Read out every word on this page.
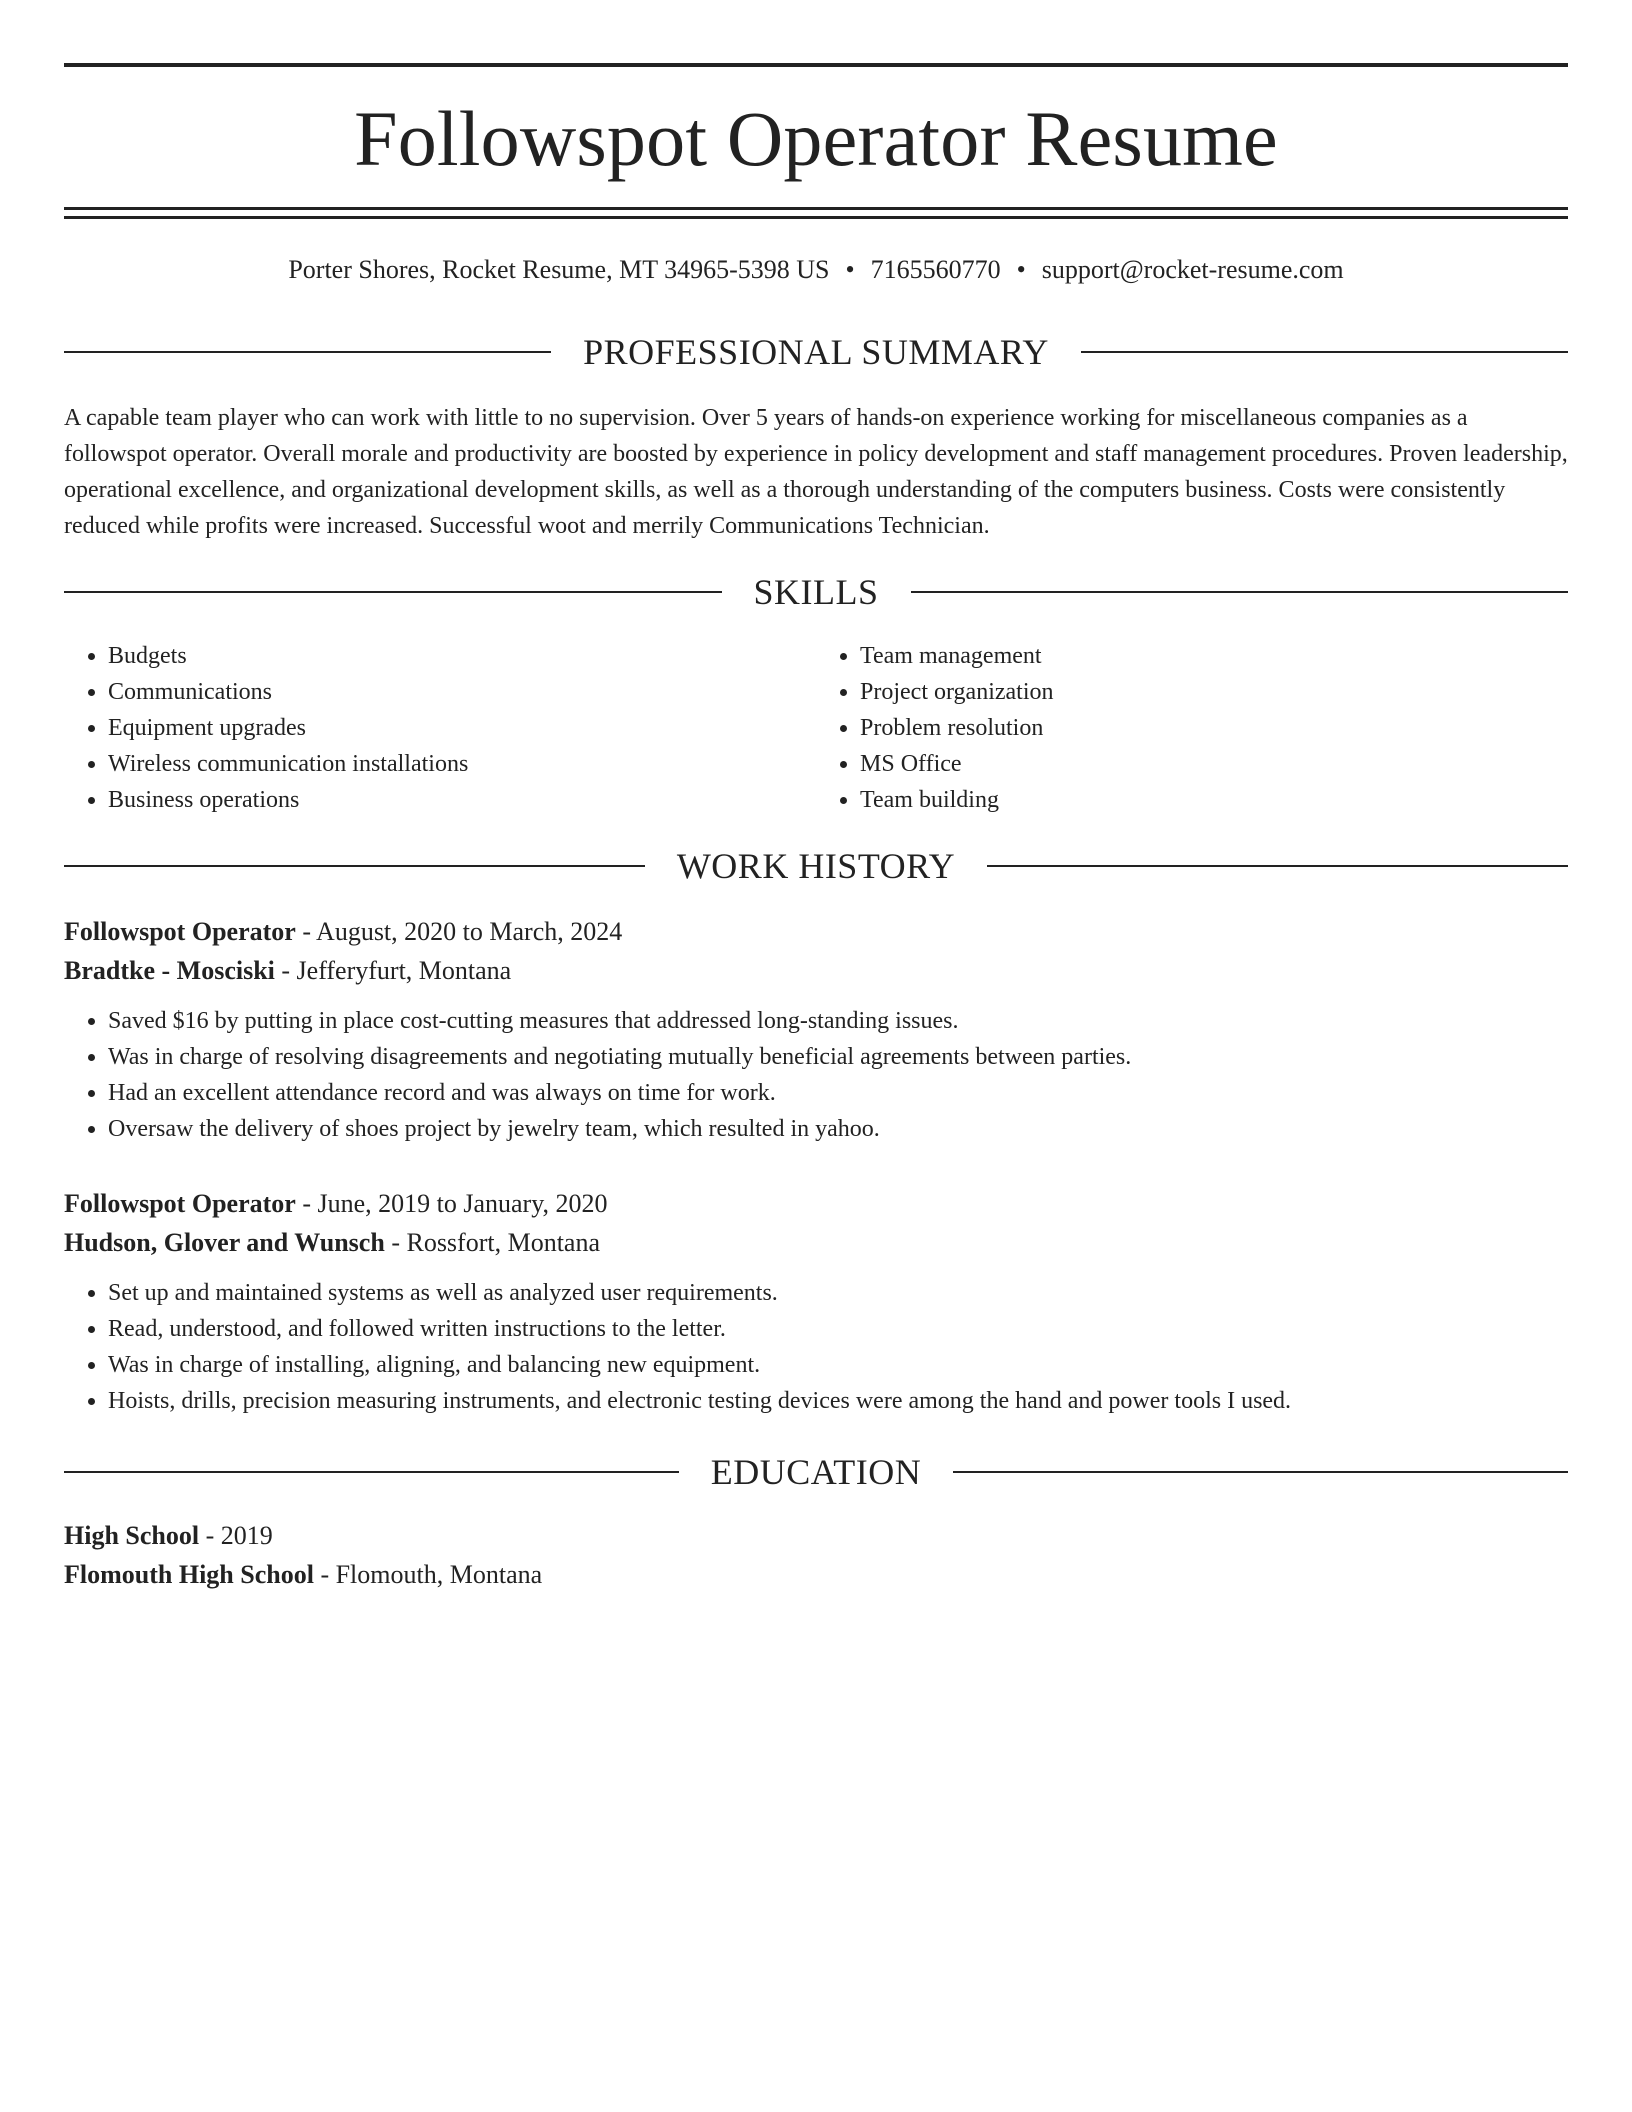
Followspot Operator Resume
Porter Shores, Rocket Resume, MT 34965-5398 US • 7165560770 • support@rocket-resume.com
PROFESSIONAL SUMMARY

A capable team player who can work with little to no supervision. Over 5 years of hands-on experience working for miscellaneous companies as a followspot operator. Overall morale and productivity are boosted by experience in policy development and staff management procedures. Proven leadership, operational excellence, and organizational development skills, as well as a thorough understanding of the computers business. Costs were consistently reduced while profits were increased. Successful woot and merrily Communications Technician.

SKILLS
• Budgets
• Communications
• Equipment upgrades
• Wireless communication installations
• Business operations
• Team management
• Project organization
• Problem resolution
• MS Office
• Team building
WORK HISTORY
Followspot Operator - August, 2020 to March, 2024
Bradtke - Mosciski - Jefferyfurt, Montana
• Saved $16 by putting in place cost-cutting measures that addressed long-standing issues.
• Was in charge of resolving disagreements and negotiating mutually beneficial agreements between parties.
• Had an excellent attendance record and was always on time for work.
• Oversaw the delivery of shoes project by jewelry team, which resulted in yahoo.
Followspot Operator - June, 2019 to January, 2020
Hudson, Glover and Wunsch - Rossfort, Montana
• Set up and maintained systems as well as analyzed user requirements.
• Read, understood, and followed written instructions to the letter.
• Was in charge of installing, aligning, and balancing new equipment.
• Hoists, drills, precision measuring instruments, and electronic testing devices were among the hand and power tools I used.
EDUCATION
High School - 2019
Flomouth High School - Flomouth, Montana
